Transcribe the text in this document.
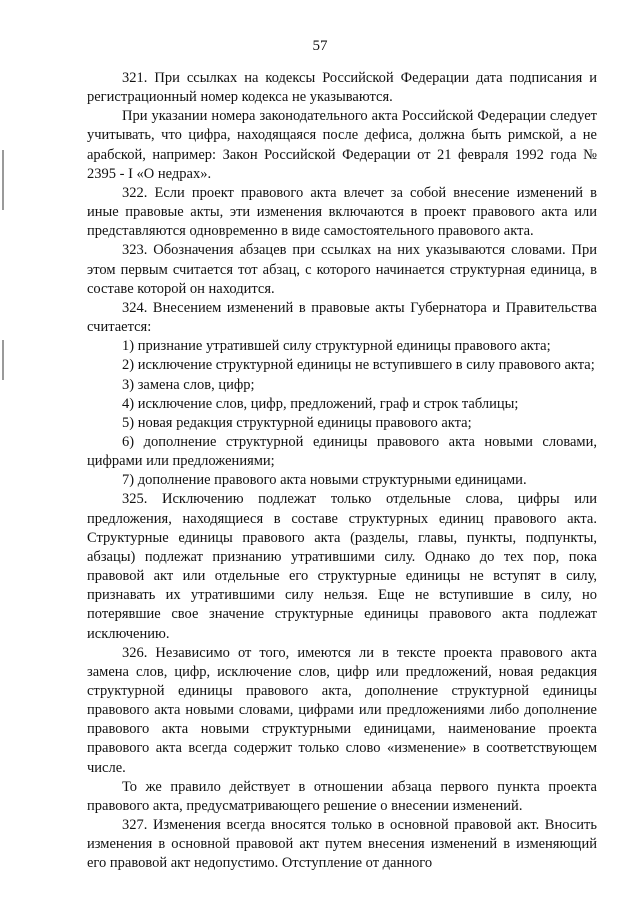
57

321. При ссылках на кодексы Российской Федерации дата подписания и регистрационный номер кодекса не указываются.

При указании номера законодательного акта Российской Федерации следует учитывать, что цифра, находящаяся после дефиса, должна быть римской, а не арабской, например: Закон Российской Федерации от 21 февраля 1992 года № 2395 - I «О недрах».

322. Если проект правового акта влечет за собой внесение изменений в иные правовые акты, эти изменения включаются в проект правового акта или представляются одновременно в виде самостоятельного правового акта.

323. Обозначения абзацев при ссылках на них указываются словами. При этом первым считается тот абзац, с которого начинается структурная единица, в составе которой он находится.

324. Внесением изменений в правовые акты Губернатора и Правительства считается:

1) признание утратившей силу структурной единицы правового акта;

2) исключение структурной единицы не вступившего в силу правового акта;

3) замена слов, цифр;

4) исключение слов, цифр, предложений, граф и строк таблицы;

5) новая редакция структурной единицы правового акта;

6) дополнение структурной единицы правового акта новыми словами, цифрами или предложениями;

7) дополнение правового акта новыми структурными единицами.

325. Исключению подлежат только отдельные слова, цифры или предложения, находящиеся в составе структурных единиц правового акта. Структурные единицы правового акта (разделы, главы, пункты, подпункты, абзацы) подлежат признанию утратившими силу. Однако до тех пор, пока правовой акт или отдельные его структурные единицы не вступят в силу, признавать их утратившими силу нельзя. Еще не вступившие в силу, но потерявшие свое значение структурные единицы правового акта подлежат исключению.

326. Независимо от того, имеются ли в тексте проекта правового акта замена слов, цифр, исключение слов, цифр или предложений, новая редакция структурной единицы правового акта, дополнение структурной единицы правового акта новыми словами, цифрами или предложениями либо дополнение правового акта новыми структурными единицами, наименование проекта правового акта всегда содержит только слово «изменение» в соответствующем числе.

То же правило действует в отношении абзаца первого пункта проекта правового акта, предусматривающего решение о внесении изменений.

327. Изменения всегда вносятся только в основной правовой акт. Вносить изменения в основной правовой акт путем внесения изменений в изменяющий его правовой акт недопустимо. Отступление от данного
